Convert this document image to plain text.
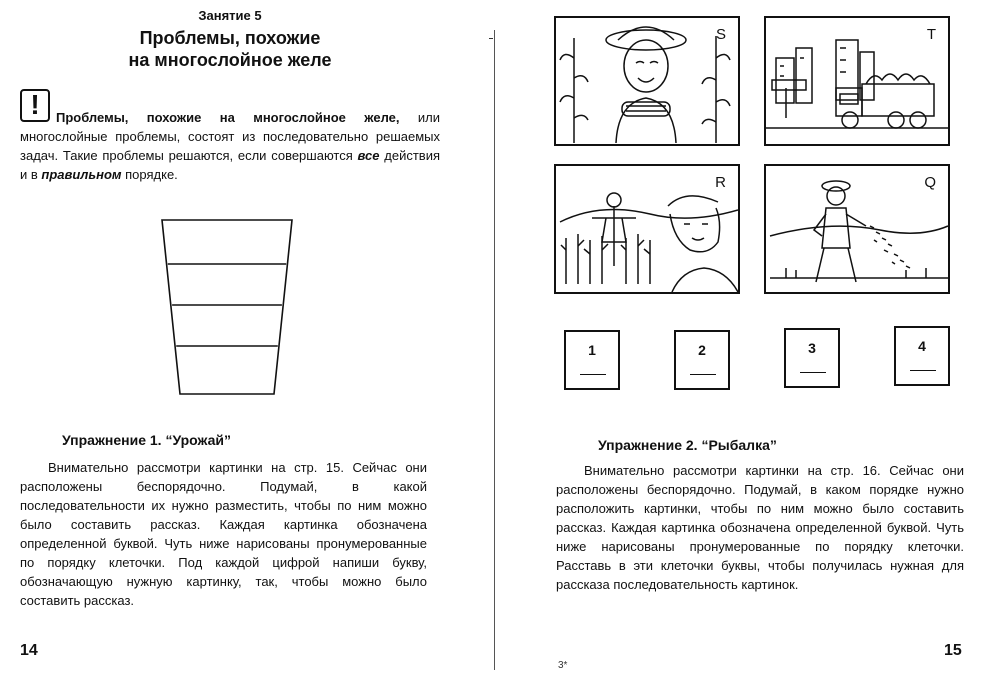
Занятие 5
Проблемы, похожие
на многослойное желе
!	Проблемы, похожие на многослойное желе, или многослойные проблемы, состоят из последовательно решаемых задач. Такие проблемы решаются, если совершаются все действия и в правильном порядке.
Упражнение 1. “Урожай”

Внимательно рассмотри картинки на стр. 15. Сейчас они расположены беспорядочно. Подумай, в какой последовательности их нужно разместить, чтобы по ним можно было составить рассказ. Каждая картинка обозначена определенной буквой. Чуть ниже нарисованы пронумерованные по порядку клеточки. Под каждой цифрой напиши букву, обозначающую нужную картинку, так, чтобы можно было составить рассказ.

14
S	T
R	Q
1	2	3	4
Упражнение 2. “Рыбалка”

Внимательно рассмотри картинки на стр. 16. Сейчас они расположены беспорядочно. Подумай, в каком порядке нужно расположить картинки, чтобы по ним можно было составить рассказ. Каждая картинка обозначена определенной буквой. Чуть ниже нарисованы пронумерованные по порядку клеточки. Расставь в эти клеточки буквы, чтобы получилась нужная для рассказа последовательность картинок.

3*
15
